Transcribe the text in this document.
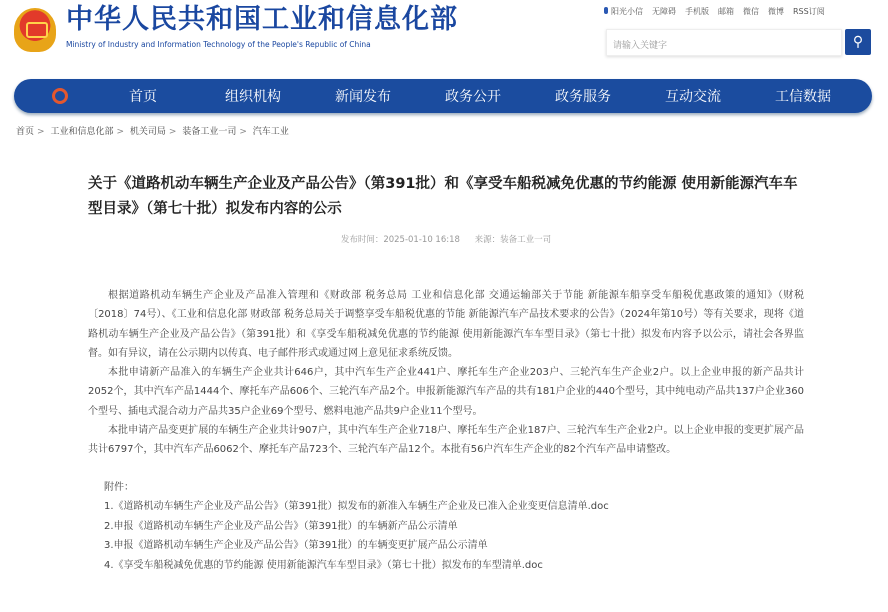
中华人民共和国工业和信息化部
Ministry of Industry and Information Technology of the People's Republic of China
阳光小信 无障碍 手机版 邮箱 微信 微博 RSS订阅
请输入关键字	⚲
首页	组织机构	新闻发布	政务公开	政务服务	互动交流	工信数据
首页 > 工业和信息化部 > 机关司局 > 装备工业一司 > 汽车工业
关于《道路机动车辆生产企业及产品公告》（第391批）和《享受车船税减免优惠的节约能源 使用新能源汽车车型目录》（第七十批）拟发布内容的公示
发布时间：2025-01-10 16:18 来源：装备工业一司

根据道路机动车辆生产企业及产品准入管理和《财政部 税务总局 工业和信息化部 交通运输部关于节能 新能源车船享受车船税优惠政策的通知》（财税〔2018〕74号）、《工业和信息化部 财政部 税务总局关于调整享受车船税优惠的节能 新能源汽车产品技术要求的公告》（2024年第10号）等有关要求，现将《道路机动车辆生产企业及产品公告》（第391批）和《享受车船税减免优惠的节约能源 使用新能源汽车车型目录》（第七十批）拟发布内容予以公示，请社会各界监督。如有异议，请在公示期内以传真、电子邮件形式或通过网上意见征求系统反馈。

本批申请新产品准入的车辆生产企业共计646户，其中汽车生产企业441户、摩托车生产企业203户、三轮汽车生产企业2户。以上企业申报的新产品共计2052个，其中汽车产品1444个、摩托车产品606个、三轮汽车产品2个。申报新能源汽车产品的共有181户企业的440个型号，其中纯电动产品共137户企业360个型号、插电式混合动力产品共35户企业69个型号、燃料电池产品共9户企业11个型号。

本批申请产品变更扩展的车辆生产企业共计907户，其中汽车生产企业718户、摩托车生产企业187户、三轮汽车生产企业2户。以上企业申报的变更扩展产品共计6797个，其中汽车产品6062个、摩托车产品723个、三轮汽车产品12个。本批有56户汽车生产企业的82个汽车产品申请整改。

附件：
1.《道路机动车辆生产企业及产品公告》（第391批）拟发布的新准入车辆生产企业及已准入企业变更信息清单.doc
2.申报《道路机动车辆生产企业及产品公告》（第391批）的车辆新产品公示清单
3.申报《道路机动车辆生产企业及产品公告》（第391批）的车辆变更扩展产品公示清单
4.《享受车船税减免优惠的节约能源 使用新能源汽车车型目录》（第七十批）拟发布的车型清单.doc
